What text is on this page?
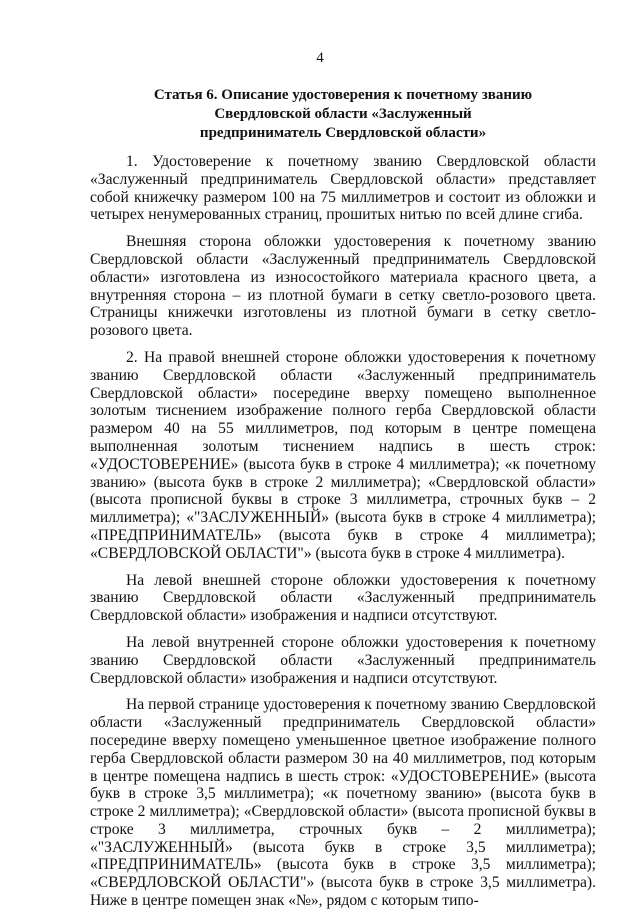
4
Статья 6. Описание удостоверения к почетному званию
Свердловской области «Заслуженный
предприниматель Свердловской области»

1. Удостоверение к почетному званию Свердловской области «Заслуженный предприниматель Свердловской области» представляет собой книжечку размером 100 на 75 миллиметров и состоит из обложки и четырех ненумерованных страниц, прошитых нитью по всей длине сгиба.

Внешняя сторона обложки удостоверения к почетному званию Свердловской области «Заслуженный предприниматель Свердловской области» изготовлена из износостойкого материала красного цвета, а внутренняя сторона – из плотной бумаги в сетку светло-розового цвета. Страницы книжечки изготовлены из плотной бумаги в сетку светло-розового цвета.

2. На правой внешней стороне обложки удостоверения к почетному званию Свердловской области «Заслуженный предприниматель Свердловской области» посередине вверху помещено выполненное золотым тиснением изображение полного герба Свердловской области размером 40 на 55 миллиметров, под которым в центре помещена выполненная золотым тиснением надпись в шесть строк: «УДОСТОВЕРЕНИЕ» (высота букв в строке 4 миллиметра); «к почетному званию» (высота букв в строке 2 миллиметра); «Свердловской области» (высота прописной буквы в строке 3 миллиметра, строчных букв – 2 миллиметра); «"ЗАСЛУЖЕННЫЙ» (высота букв в строке 4 миллиметра); «ПРЕДПРИНИМАТЕЛЬ» (высота букв в строке 4 миллиметра); «СВЕРДЛОВСКОЙ ОБЛАСТИ"» (высота букв в строке 4 миллиметра).

На левой внешней стороне обложки удостоверения к почетному званию Свердловской области «Заслуженный предприниматель Свердловской области» изображения и надписи отсутствуют.

На левой внутренней стороне обложки удостоверения к почетному званию Свердловской области «Заслуженный предприниматель Свердловской области» изображения и надписи отсутствуют.

На первой странице удостоверения к почетному званию Свердловской области «Заслуженный предприниматель Свердловской области» посередине вверху помещено уменьшенное цветное изображение полного герба Свердловской области размером 30 на 40 миллиметров, под которым в центре помещена надпись в шесть строк: «УДОСТОВЕРЕНИЕ» (высота букв в строке 3,5 миллиметра); «к почетному званию» (высота букв в строке 2 миллиметра); «Свердловской области» (высота прописной буквы в строке 3 миллиметра, строчных букв – 2 миллиметра); «"ЗАСЛУЖЕННЫЙ» (высота букв в строке 3,5 миллиметра); «ПРЕДПРИНИМАТЕЛЬ» (высота букв в строке 3,5 миллиметра); «СВЕРДЛОВСКОЙ ОБЛАСТИ"» (высота букв в строке 3,5 миллиметра). Ниже в центре помещен знак «№», рядом с которым типо-
